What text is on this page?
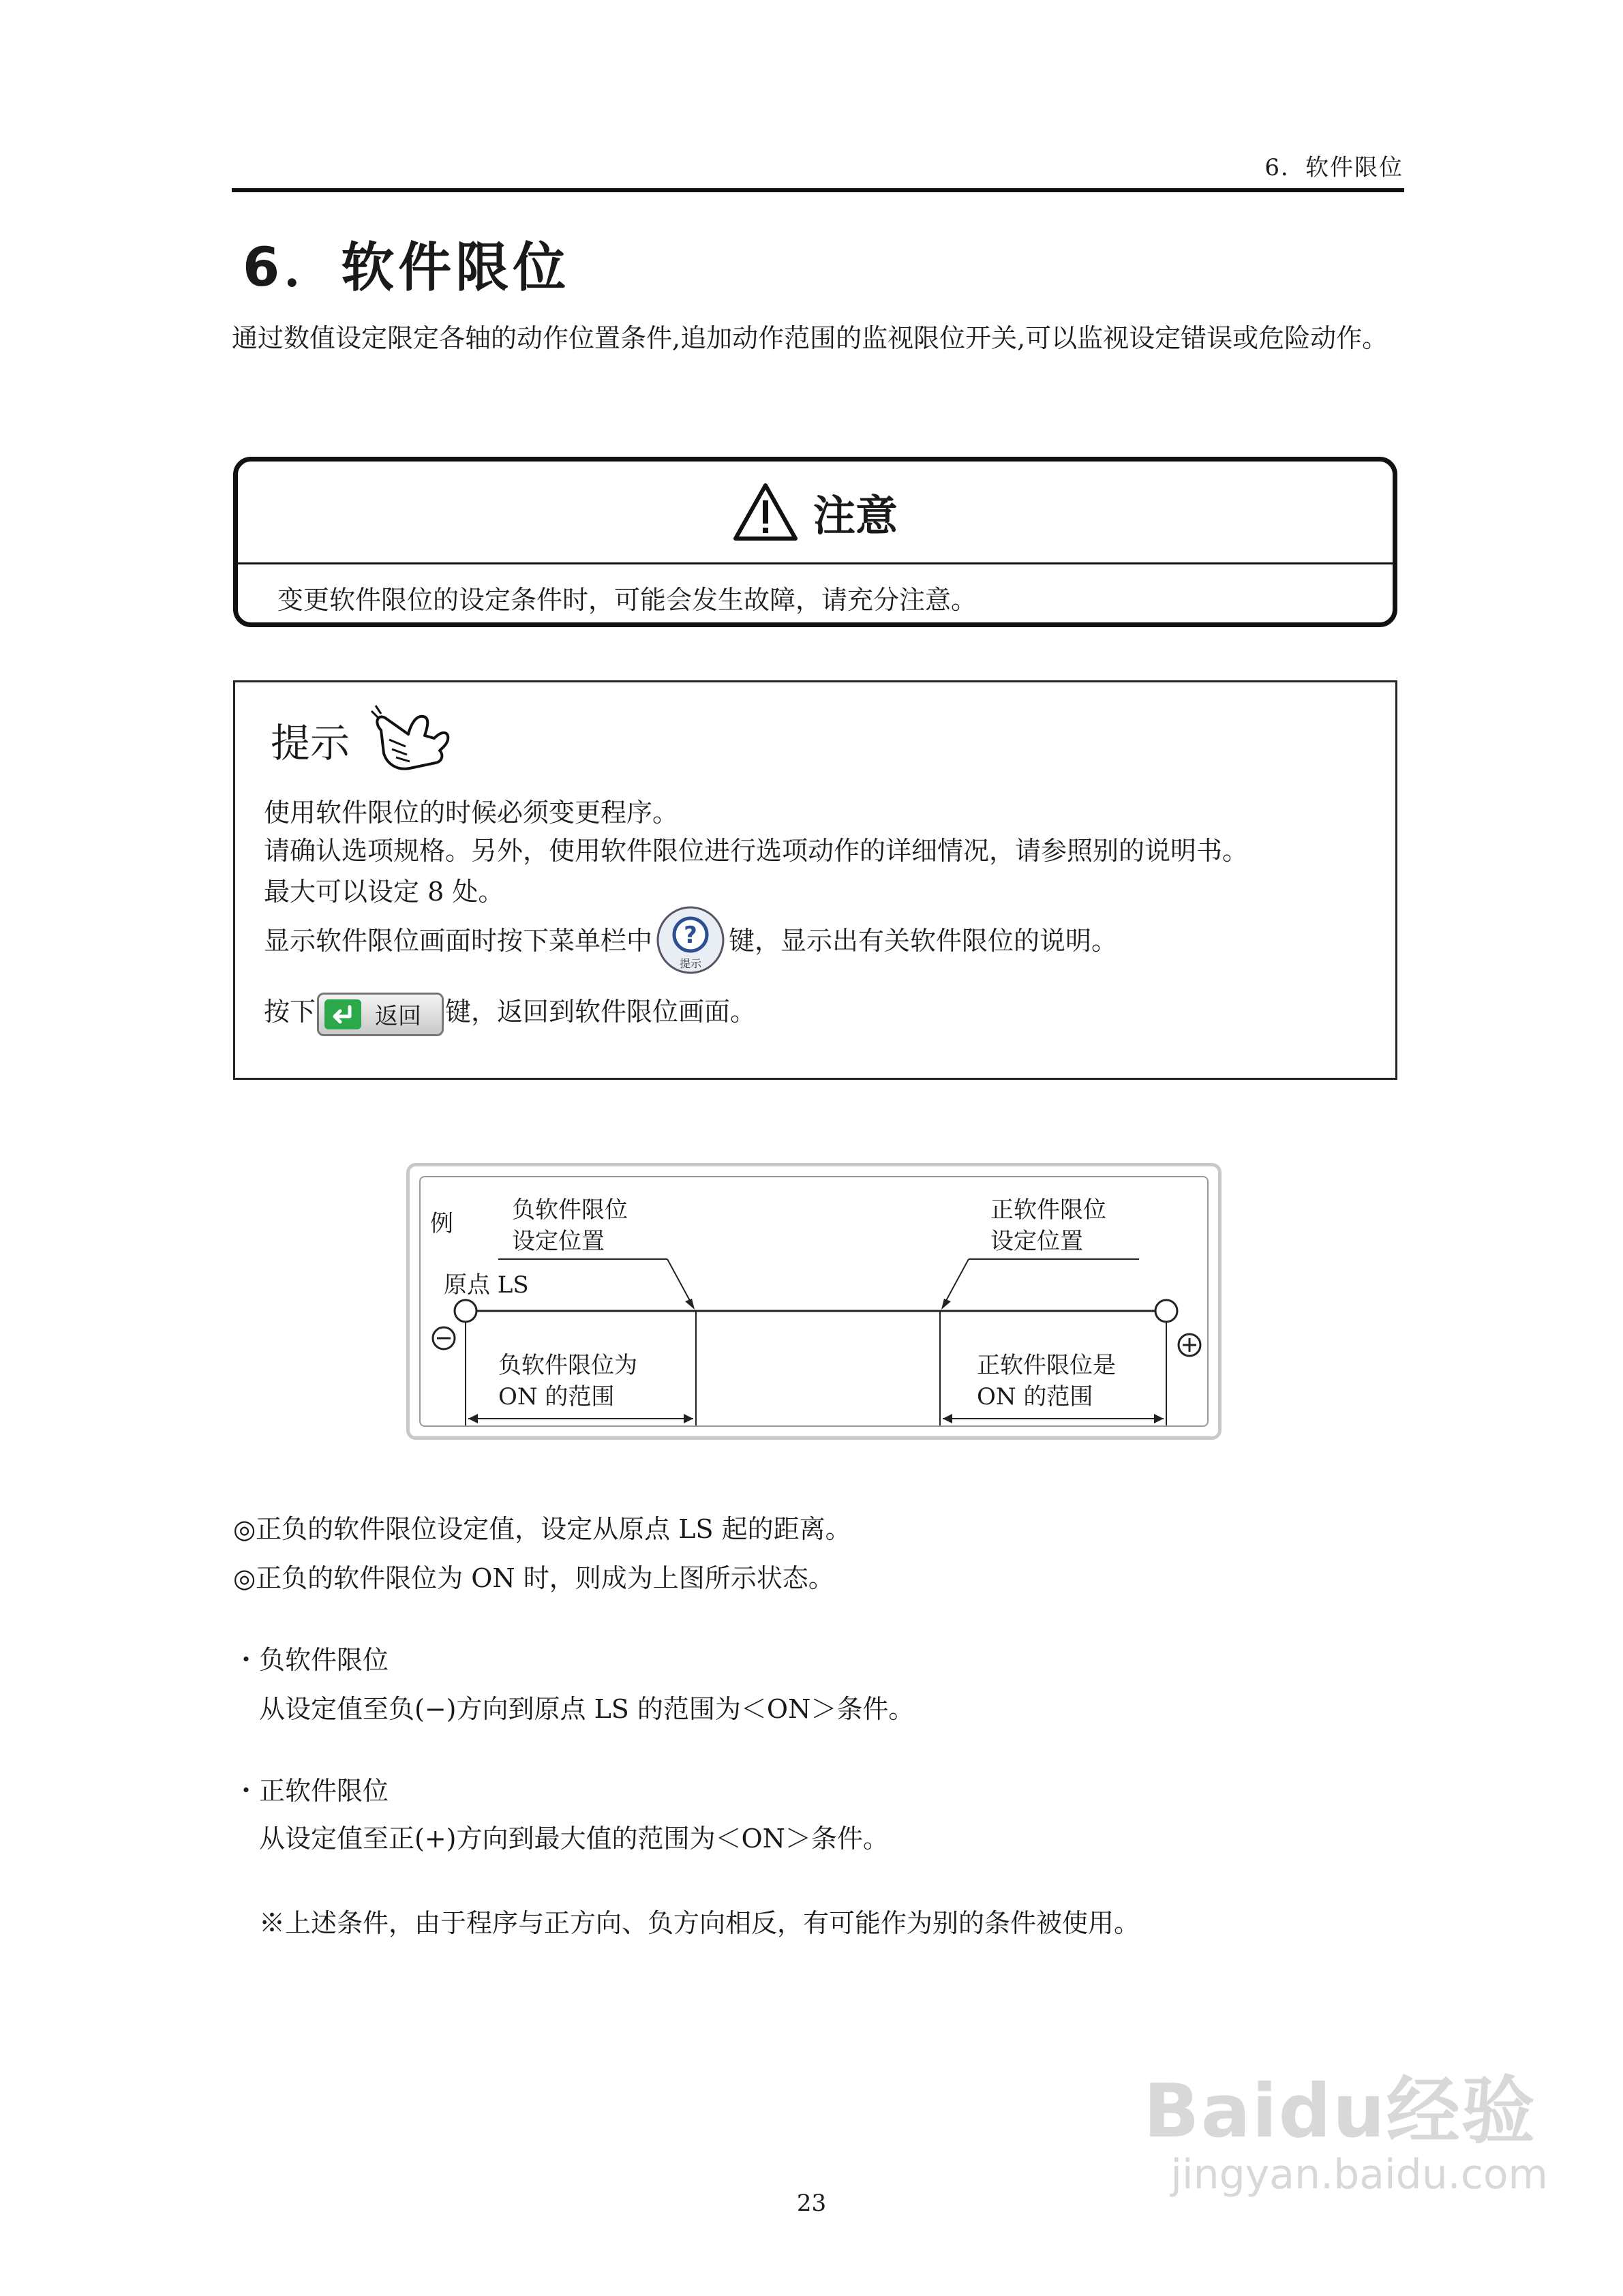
6．软件限位
6．软件限位
通过数值设定限定各轴的动作位置条件,追加动作范围的监视限位开关,可以监视设定错误或危险动作。
注意
变更软件限位的设定条件时，可能会发生故障，请充分注意。
提示
使用软件限位的时候必须变更程序。
请确认选项规格。另外，使用软件限位进行选项动作的详细情况，请参照别的说明书。
最大可以设定 8 处。
显示软件限位画面时按下菜单栏中 ?
提示
键，显示出有关软件限位的说明。
按下	返回 键，返回到软件限位画面。
例	负软件限位
设定位置
正软件限位
设定位置
原点 LS
负软件限位为
ON 的范围
正软件限位是
ON 的范围
◎正负的软件限位设定值，设定从原点 LS 起的距离。
◎正负的软件限位为 ON 时，则成为上图所示状态。
・负软件限位
从设定值至负(−)方向到原点 LS 的范围为＜ON＞条件。
・正软件限位
从设定值至正(+)方向到最大值的范围为＜ON＞条件。
※上述条件，由于程序与正方向、负方向相反，有可能作为别的条件被使用。
23
Baidu经验
jingyan.baidu.com
